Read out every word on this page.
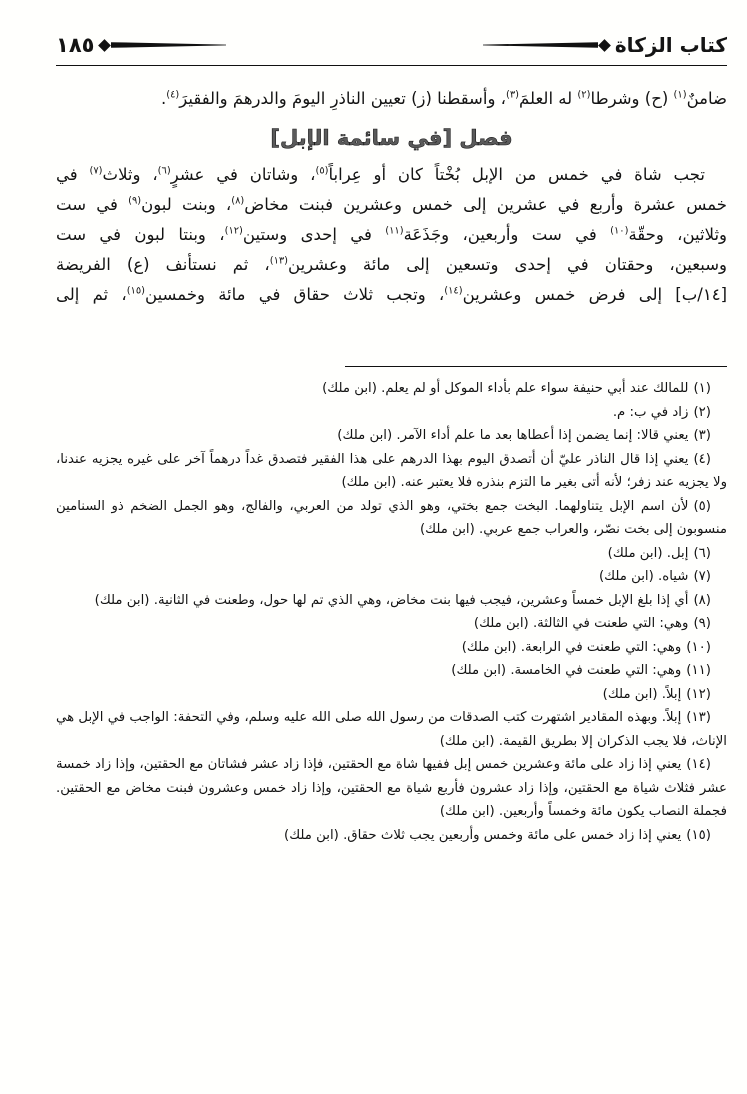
١٨٥	كتاب الزكاة
ضامنٌ$^{(١)}$ (ح) وشرطا$^{(٢)}$ له العلمَ$^{(٣)}$، وأسقطنا (ز) تعيين الناذرِ اليومَ والدرهمَ والفقيرَ$^{(٤)}$.
فصل [في سائمة الإبل]
تجب شاة في خمس من الإبل بُخْتاً كان أو عِراباً$^{(٥)}$، وشاتان في عشرٍ$^{(٦)}$، وثلاث$^{(٧)}$ في
خمس عشرة وأربع في عشرين إلى خمس وعشرين فبنت مخاض$^{(٨)}$، وبنت لبون$^{(٩)}$ في ست
وثلاثين، وحقّة$^{(١٠)}$ في ست وأربعين، وجَذَعَة$^{(١١)}$ في إحدى وستين$^{(١٢)}$، وبنتا لبون في ست
وسبعين، وحقتان في إحدى وتسعين إلى مائة وعشرين$^{(١٣)}$، ثم نستأنف (ع) الفريضة
[١٤/ب] إلى فرض خمس وعشرين$^{(١٤)}$، وتجب ثلاث حقاق في مائة وخمسين$^{(١٥)}$، ثم إلى
(١)للمالك عند أبي حنيفة سواء علم بأداء الموكل أو لم يعلم. (ابن ملك)
(٢)زاد في ب: م.
(٣)يعني قالا: إنما يضمن إذا أعطاها بعد ما علم أداء الآمر. (ابن ملك)
(٤)يعني إذا قال الناذر عليّ أن أتصدق اليوم بهذا الدرهم على هذا الفقير فتصدق غداً درهماً آخر على غيره يجزيه عندنا، ولا يجزيه عند زفر؛ لأنه أتى بغير ما التزم بنذره فلا يعتبر عنه. (ابن ملك)
(٥)لأن اسم الإبل يتناولهما. البخت جمع بختي، وهو الذي تولد من العربي، والفالج، وهو الجمل الضخم ذو السنامين منسوبون إلى بخت نصّر، والعراب جمع عربي. (ابن ملك)
(٦)إبل. (ابن ملك)
(٧)شياه. (ابن ملك)
(٨)أي إذا بلغ الإبل خمساً وعشرين، فيجب فيها بنت مخاض، وهي الذي تم لها حول، وطعنت في الثانية. (ابن ملك)
(٩)وهي: التي طعنت في الثالثة. (ابن ملك)
(١٠)وهي: التي طعنت في الرابعة. (ابن ملك)
(١١)وهي: التي طعنت في الخامسة. (ابن ملك)
(١٢)إبلاً. (ابن ملك)
(١٣)إبلاً. وبهذه المقادير اشتهرت كتب الصدقات من رسول الله صلى الله عليه وسلم، وفي التحفة: الواجب في الإبل هي الإناث، فلا يجب الذكران إلا بطريق القيمة. (ابن ملك)
(١٤)يعني إذا زاد على مائة وعشرين خمس إبل ففيها شاة مع الحقتين، فإذا زاد عشر فشاتان مع الحقتين، وإذا زاد خمسة عشر فثلاث شياة مع الحقتين، وإذا زاد عشرون فأربع شياة مع الحقتين، وإذا زاد خمس وعشرون فبنت مخاض مع الحقتين. فجملة النصاب يكون مائة وخمساً وأربعين. (ابن ملك)
(١٥)يعني إذا زاد خمس على مائة وخمس وأربعين يجب ثلاث حقاق. (ابن ملك)
